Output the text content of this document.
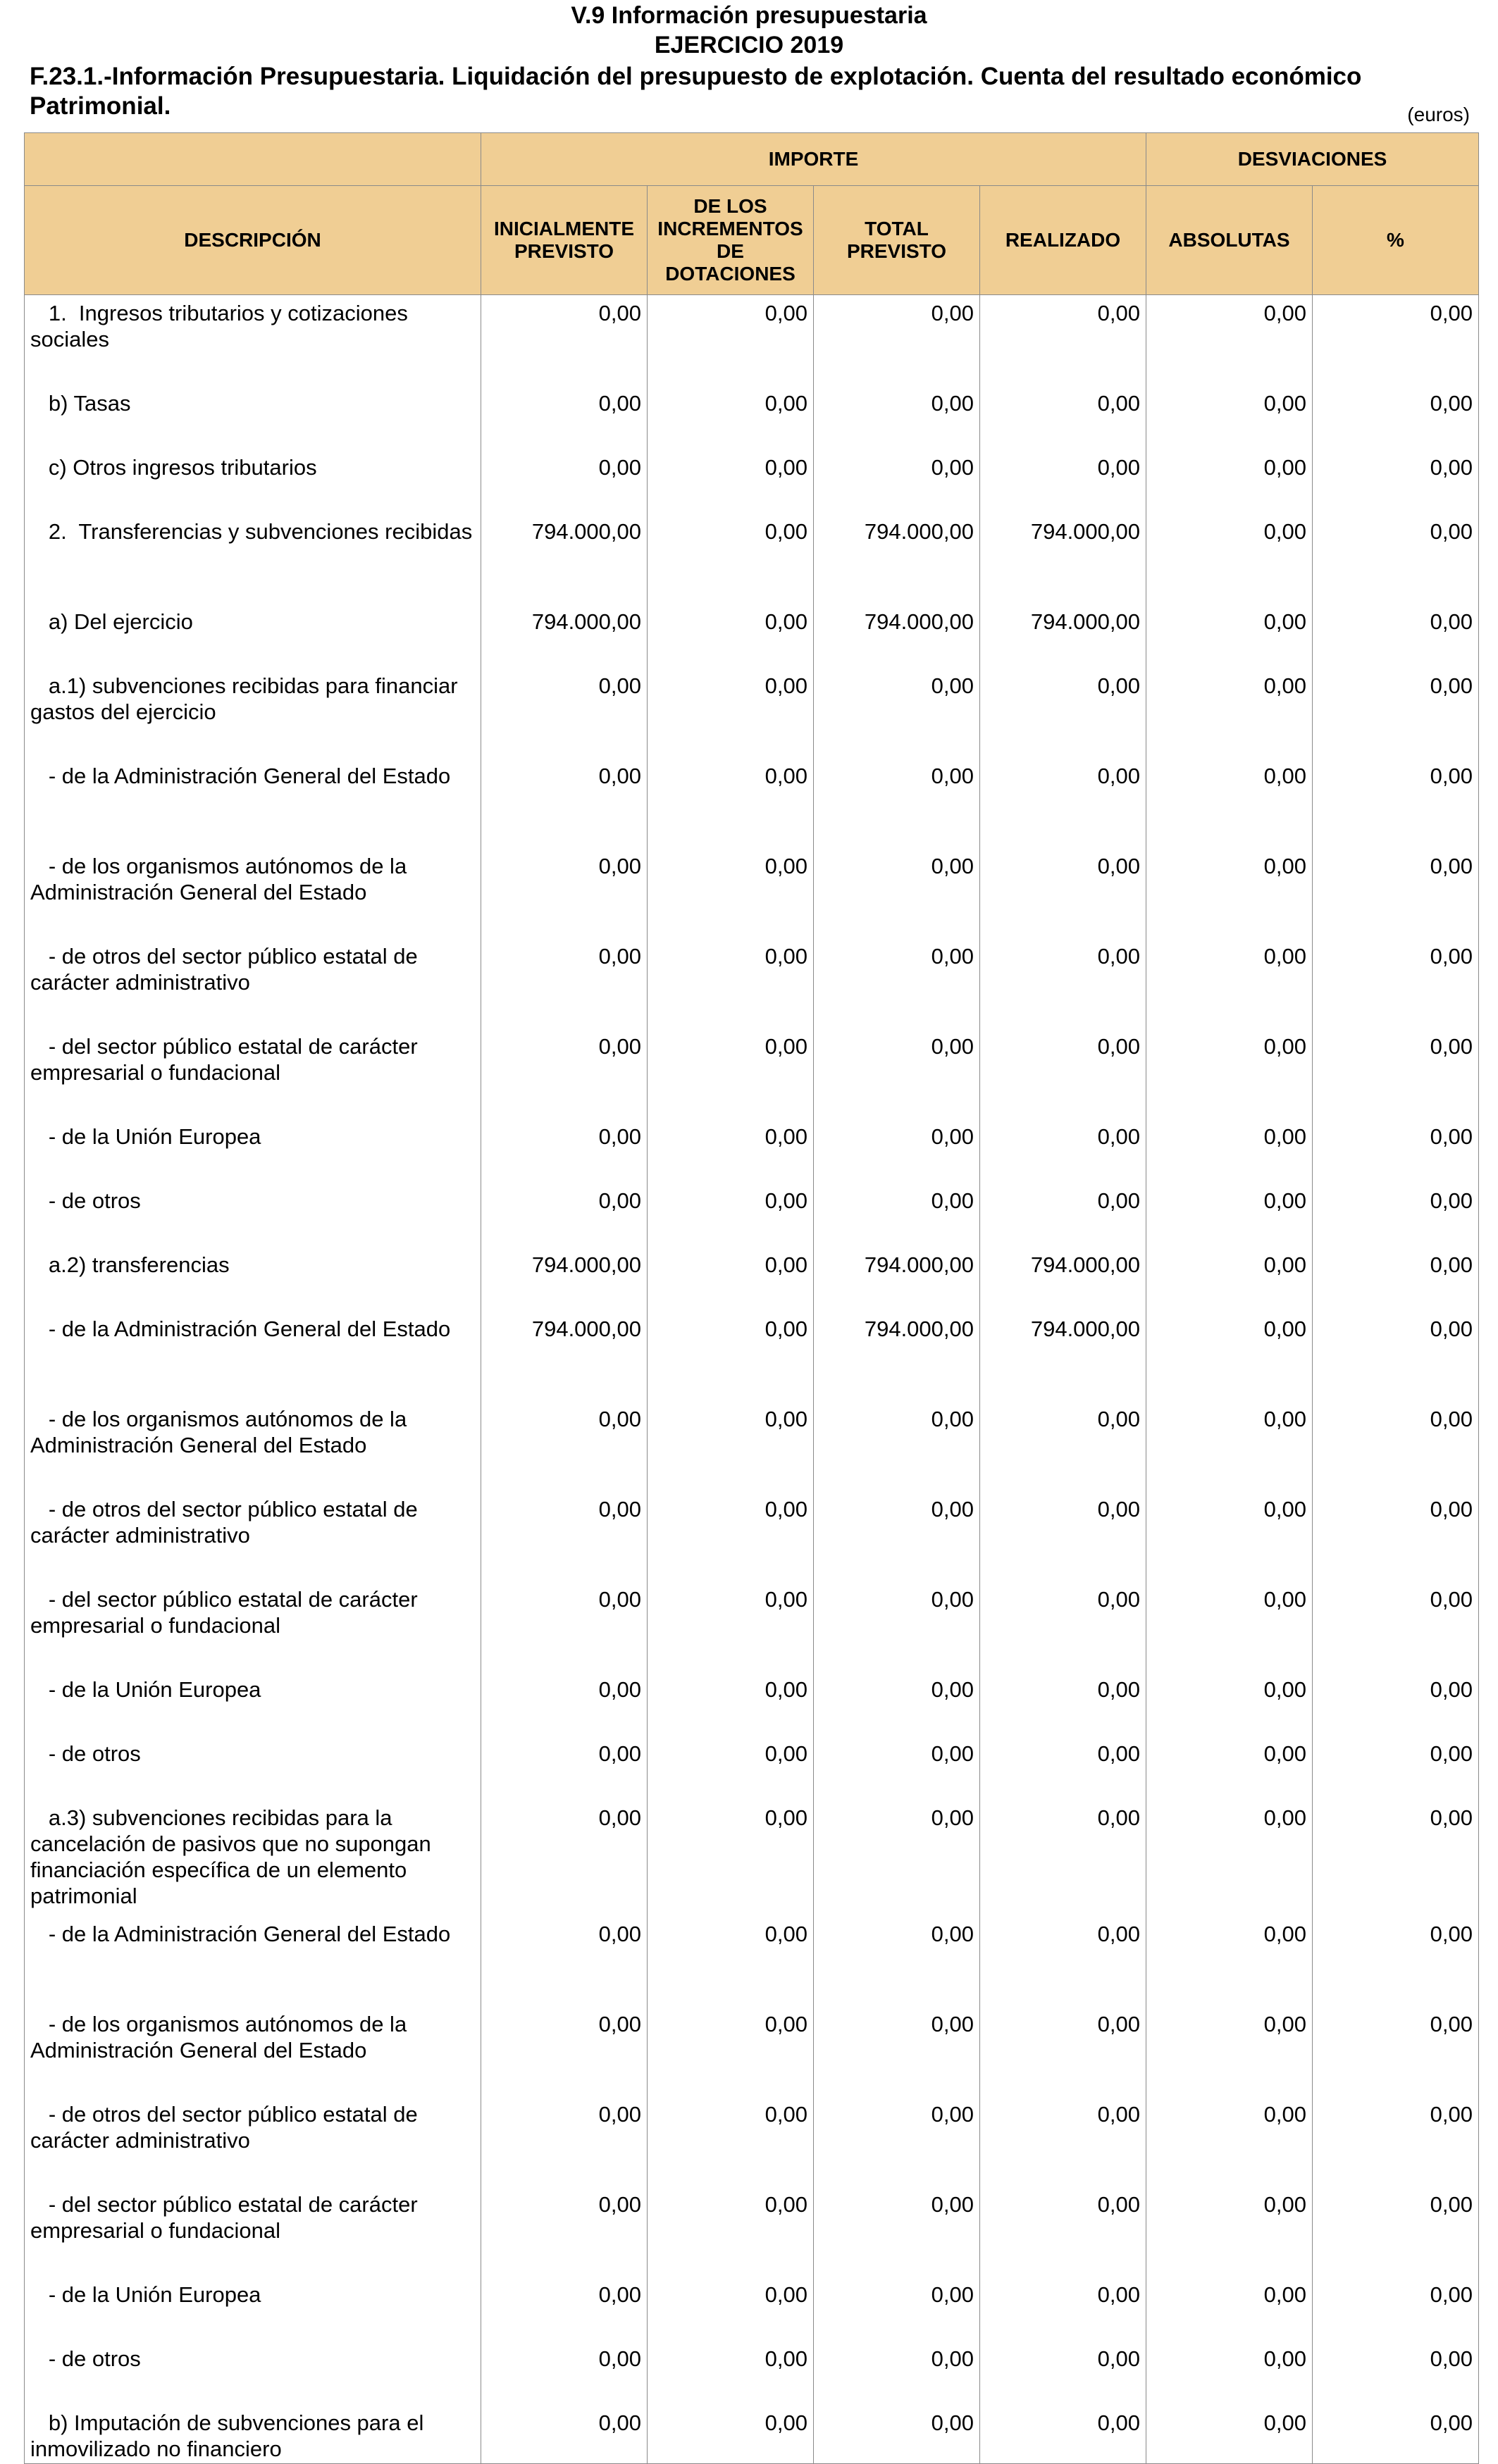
V.9 Información presupuestaria
EJERCICIO 2019
F.23.1.-Información Presupuestaria. Liquidación del presupuesto de explotación. Cuenta del resultado económico Patrimonial.	(euros)
	IMPORTE				DESVIACIONES	
DESCRIPCIÓN	INICIALMENTE PREVISTO	DE LOS INCREMENTOS DE DOTACIONES	TOTAL PREVISTO	REALIZADO	ABSOLUTAS	%
1.  Ingresos tributarios y cotizaciones sociales	0,00	0,00	0,00	0,00	0,00	0,00
b) Tasas	0,00	0,00	0,00	0,00	0,00	0,00
c) Otros ingresos tributarios	0,00	0,00	0,00	0,00	0,00	0,00
2.  Transferencias y subvenciones recibidas	794.000,00	0,00	794.000,00	794.000,00	0,00	0,00
a) Del ejercicio	794.000,00	0,00	794.000,00	794.000,00	0,00	0,00
a.1) subvenciones recibidas para financiar gastos del ejercicio	0,00	0,00	0,00	0,00	0,00	0,00
- de la Administración General del Estado	0,00	0,00	0,00	0,00	0,00	0,00
- de los organismos autónomos de la Administración General del Estado	0,00	0,00	0,00	0,00	0,00	0,00
- de otros del sector público estatal de carácter administrativo	0,00	0,00	0,00	0,00	0,00	0,00
- del sector público estatal de carácter empresarial o fundacional	0,00	0,00	0,00	0,00	0,00	0,00
- de la Unión Europea	0,00	0,00	0,00	0,00	0,00	0,00
- de otros	0,00	0,00	0,00	0,00	0,00	0,00
a.2) transferencias	794.000,00	0,00	794.000,00	794.000,00	0,00	0,00
- de la Administración General del Estado	794.000,00	0,00	794.000,00	794.000,00	0,00	0,00
- de los organismos autónomos de la Administración General del Estado	0,00	0,00	0,00	0,00	0,00	0,00
- de otros del sector público estatal de carácter administrativo	0,00	0,00	0,00	0,00	0,00	0,00
- del sector público estatal de carácter empresarial o fundacional	0,00	0,00	0,00	0,00	0,00	0,00
- de la Unión Europea	0,00	0,00	0,00	0,00	0,00	0,00
- de otros	0,00	0,00	0,00	0,00	0,00	0,00
a.3) subvenciones recibidas para la cancelación de pasivos que no supongan financiación específica de un elemento patrimonial	0,00	0,00	0,00	0,00	0,00	0,00
- de la Administración General del Estado	0,00	0,00	0,00	0,00	0,00	0,00
- de los organismos autónomos de la Administración General del Estado	0,00	0,00	0,00	0,00	0,00	0,00
- de otros del sector público estatal de carácter administrativo	0,00	0,00	0,00	0,00	0,00	0,00
- del sector público estatal de carácter empresarial o fundacional	0,00	0,00	0,00	0,00	0,00	0,00
- de la Unión Europea	0,00	0,00	0,00	0,00	0,00	0,00
- de otros	0,00	0,00	0,00	0,00	0,00	0,00
b) Imputación de subvenciones para el inmovilizado no financiero	0,00	0,00	0,00	0,00	0,00	0,00
